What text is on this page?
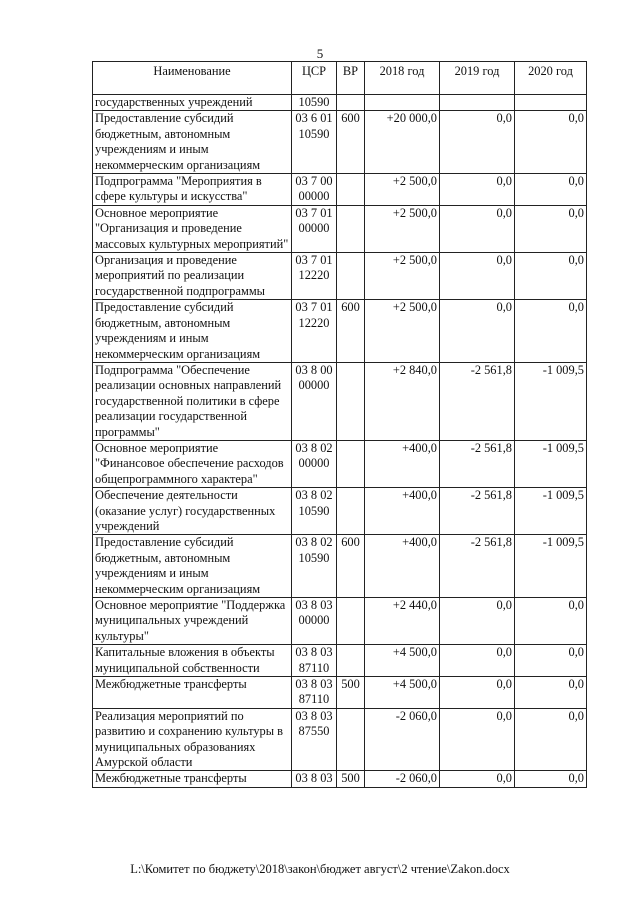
5
Наименование	ЦСР	ВР	2018 год	2019 год	2020 год
государственных учреждений	10590				
Предоставление субсидий бюджетным, автономным учреждениям и иным некоммерческим организациям	03 6 01 10590	600	+20 000,0	0,0	0,0
Подпрограмма "Мероприятия в сфере культуры и искусства"	03 7 00 00000		+2 500,0	0,0	0,0
Основное мероприятие "Организация и проведение массовых культурных мероприятий"	03 7 01 00000		+2 500,0	0,0	0,0
Организация и проведение мероприятий по реализации государственной подпрограммы	03 7 01 12220		+2 500,0	0,0	0,0
Предоставление субсидий бюджетным, автономным учреждениям и иным некоммерческим организациям	03 7 01 12220	600	+2 500,0	0,0	0,0
Подпрограмма "Обеспечение реализации основных направлений государственной политики в сфере реализации государственной программы"	03 8 00 00000		+2 840,0	-2 561,8	-1 009,5
Основное мероприятие "Финансовое обеспечение расходов общепрограммного характера"	03 8 02 00000		+400,0	-2 561,8	-1 009,5
Обеспечение деятельности (оказание услуг) государственных учреждений	03 8 02 10590		+400,0	-2 561,8	-1 009,5
Предоставление субсидий бюджетным, автономным учреждениям и иным некоммерческим организациям	03 8 02 10590	600	+400,0	-2 561,8	-1 009,5
Основное мероприятие "Поддержка муниципальных учреждений культуры"	03 8 03 00000		+2 440,0	0,0	0,0
Капитальные вложения в объекты муниципальной собственности	03 8 03 87110		+4 500,0	0,0	0,0
Межбюджетные трансферты	03 8 03 87110	500	+4 500,0	0,0	0,0
Реализация мероприятий по развитию и сохранению культуры в муниципальных образованиях Амурской области	03 8 03 87550		-2 060,0	0,0	0,0
Межбюджетные трансферты	03 8 03	500	-2 060,0	0,0	0,0
L:\Комитет по бюджету\2018\закон\бюджет август\2 чтение\Zakon.docx
